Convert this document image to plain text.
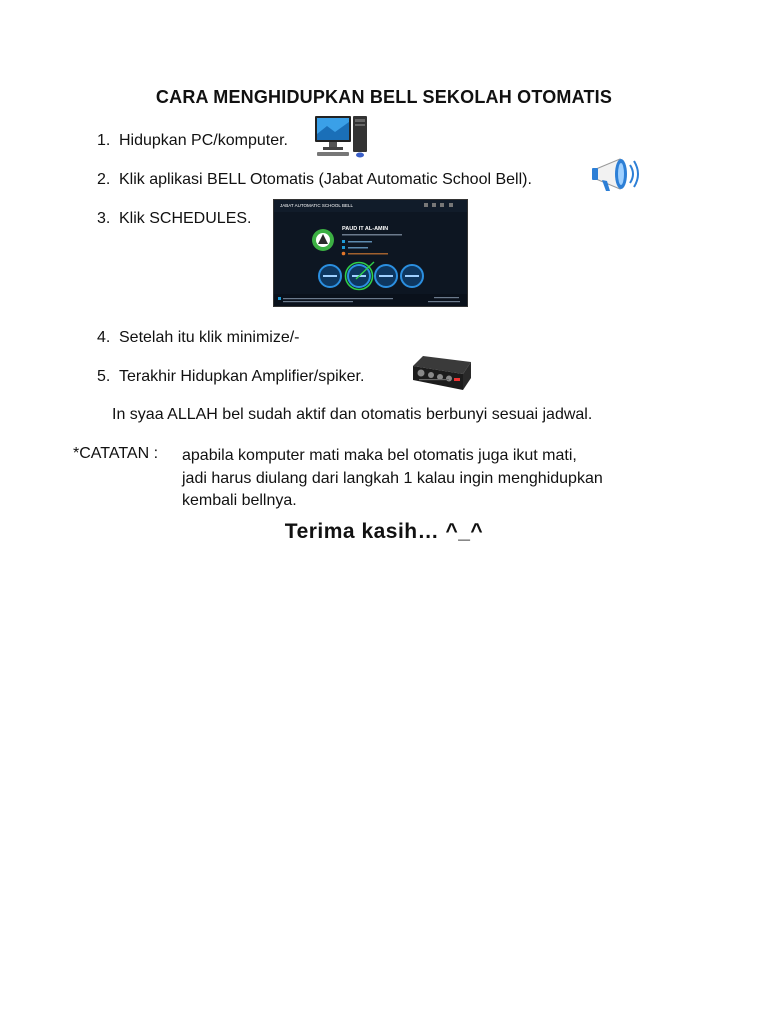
CARA MENGHIDUPKAN BELL SEKOLAH OTOMATIS
1. Hidupkan PC/komputer.
2. Klik aplikasi BELL Otomatis (Jabat Automatic School Bell).
3. Klik SCHEDULES.
JABAT AUTOMATIC SCHOOL BELL
PAUD IT AL-AMIN
4. Setelah itu klik minimize/-
5. Terakhir Hidupkan Amplifier/spiker.
In syaa ALLAH bel sudah aktif dan otomatis berbunyi sesuai jadwal.
*CATATAN : apabila komputer mati maka bel otomatis juga ikut mati,
jadi harus diulang dari langkah 1 kalau ingin menghidupkan
kembali bellnya.
Terima kasih… ^_^
